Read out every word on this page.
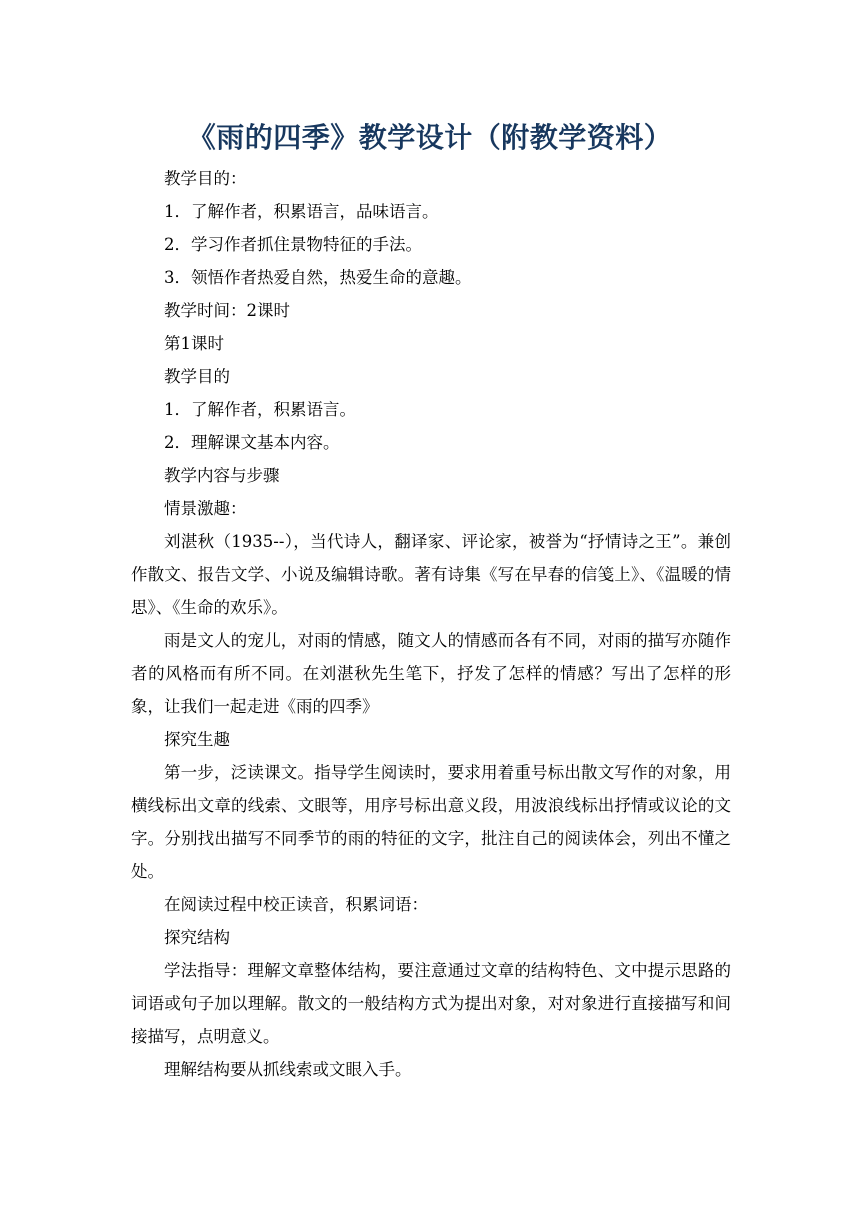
《雨的四季》教学设计（附教学资料）

教学目的：

1．了解作者，积累语言，品味语言。

2．学习作者抓住景物特征的手法。

3．领悟作者热爱自然，热爱生命的意趣。

教学时间：2课时

第1课时

教学目的

1．了解作者，积累语言。

2．理解课文基本内容。

教学内容与步骤

情景激趣：

刘湛秋（1935--），当代诗人，翻译家、评论家，被誉为“抒情诗之王”。兼创作散文、报告文学、小说及编辑诗歌。著有诗集《写在早春的信笺上》、《温暖的情思》、《生命的欢乐》。

雨是文人的宠儿，对雨的情感，随文人的情感而各有不同，对雨的描写亦随作者的风格而有所不同。在刘湛秋先生笔下，抒发了怎样的情感？写出了怎样的形象，让我们一起走进《雨的四季》

探究生趣

第一步，泛读课文。指导学生阅读时，要求用着重号标出散文写作的对象，用横线标出文章的线索、文眼等，用序号标出意义段，用波浪线标出抒情或议论的文字。分别找出描写不同季节的雨的特征的文字，批注自己的阅读体会，列出不懂之处。

在阅读过程中校正读音，积累词语：

探究结构

学法指导：理解文章整体结构，要注意通过文章的结构特色、文中提示思路的词语或句子加以理解。散文的一般结构方式为提出对象，对对象进行直接描写和间接描写，点明意义。

理解结构要从抓线索或文眼入手。
